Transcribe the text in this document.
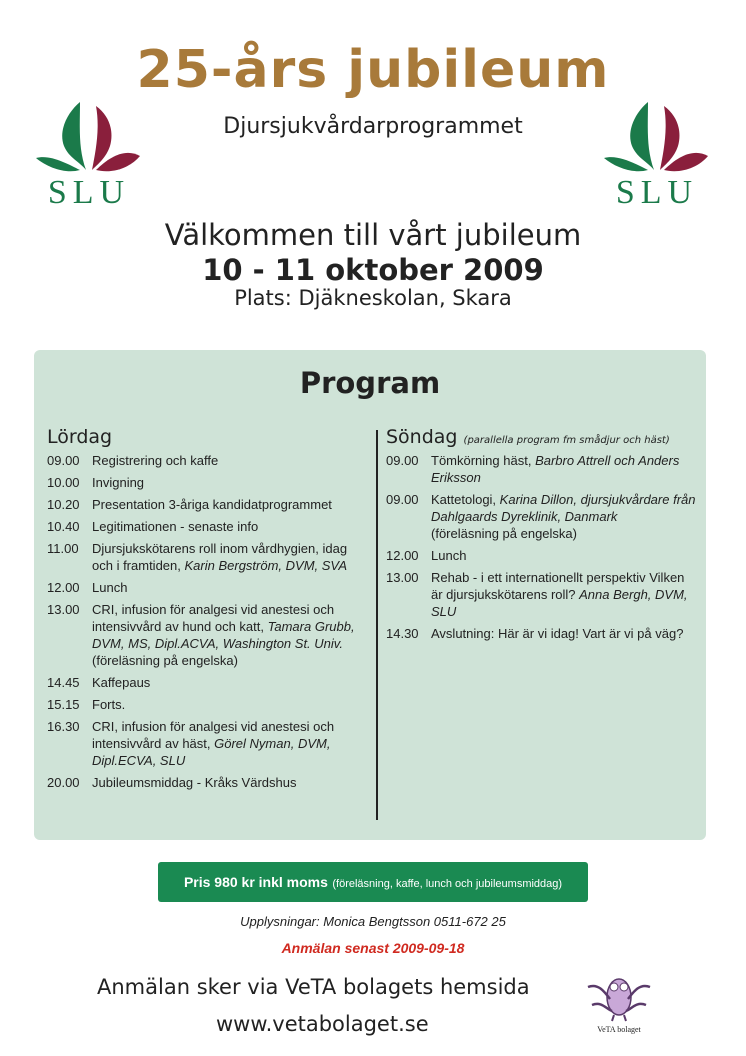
25-års jubileum
Djursjukvårdarprogrammet
SLU	SLU
Välkommen till vårt jubileum
10 - 11 oktober 2009
Plats: Djäkneskolan, Skara
Program
Lördag
09.00 Registrering och kaffe
10.00 Invigning
10.20 Presentation 3-åriga kandidatprogrammet
10.40 Legitimationen - senaste info
11.00	Djursjukskötarens roll inom vårdhygien, idag och i framtiden, Karin Bergström, DVM, SVA
12.00 Lunch
13.00 CRI, infusion för analgesi vid anestesi och intensivvård av hund och katt, Tamara Grubb, DVM, MS, Dipl.ACVA, Washington St. Univ.
(föreläsning på engelska)
14.45 Kaffepaus
15.15 Forts.
16.30 CRI, infusion för analgesi vid anestesi och intensivvård av häst, Görel Nyman, DVM, Dipl.ECVA, SLU
20.00 Jubileumsmiddag - Kråks Värdshus
Söndag (parallella program fm smådjur och häst)
09.00 Tömkörning häst, Barbro Attrell och Anders Eriksson
09.00 Kattetologi, Karina Dillon, djursjukvårdare från Dahlgaards Dyreklinik, Danmark
(föreläsning på engelska)
12.00 Lunch
13.00 Rehab - i ett internationellt perspektiv Vilken är djursjukskötarens roll? Anna Bergh, DVM, SLU
14.30 Avslutning: Här är vi idag! Vart är vi på väg?
Pris 980 kr inkl moms (föreläsning, kaffe, lunch och jubileumsmiddag)
Upplysningar: Monica Bengtsson 0511-672 25
Anmälan senast 2009-09-18
Anmälan sker via VeTA bolagets hemsida
www.vetabolaget.se	VeTA bolaget
